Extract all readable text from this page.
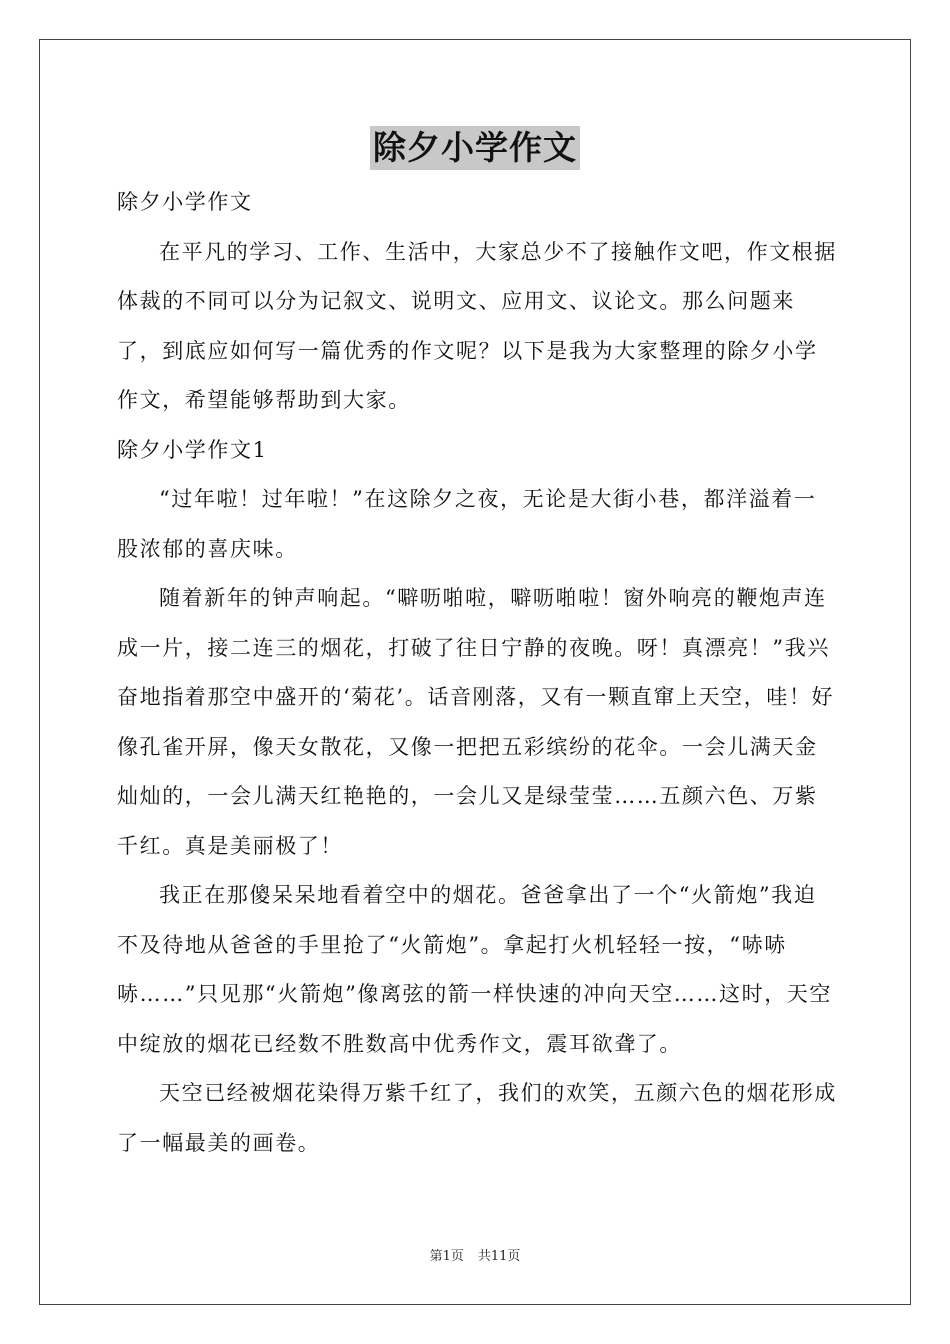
除夕小学作文

除夕小学作文

在平凡的学习、工作、生活中，大家总少不了接触作文吧，作文根据体裁的不同可以分为记叙文、说明文、应用文、议论文。那么问题来了，到底应如何写一篇优秀的作文呢？以下是我为大家整理的除夕小学作文，希望能够帮助到大家。

除夕小学作文1

“过年啦！过年啦！”在这除夕之夜，无论是大街小巷，都洋溢着一股浓郁的喜庆味。

随着新年的钟声响起。“噼呖啪啦，噼呖啪啦！窗外响亮的鞭炮声连成一片，接二连三的烟花，打破了往日宁静的夜晚。呀！真漂亮！”我兴奋地指着那空中盛开的‘菊花’。话音刚落，又有一颗直窜上天空，哇！好像孔雀开屏，像天女散花，又像一把把五彩缤纷的花伞。一会儿满天金灿灿的，一会儿满天红艳艳的，一会儿又是绿莹莹……五颜六色、万紫千红。真是美丽极了！

我正在那傻呆呆地看着空中的烟花。爸爸拿出了一个“火箭炮”我迫不及待地从爸爸的手里抢了“火箭炮”。拿起打火机轻轻一按，“哧哧哧……”只见那“火箭炮”像离弦的箭一样快速的冲向天空……这时，天空中绽放的烟花已经数不胜数高中优秀作文，震耳欲聋了。

天空已经被烟花染得万紫千红了，我们的欢笑，五颜六色的烟花形成了一幅最美的画卷。

第1页 共11页
